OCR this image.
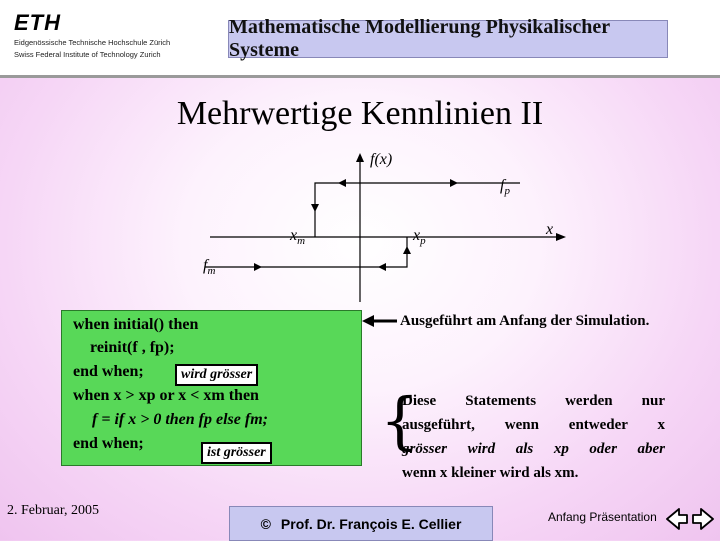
ETH
Eidgenössische Technische Hochschule Zürich
Swiss Federal Institute of Technology Zurich
Mathematische Modellierung Physikalischer Systeme
Mehrwertige Kennlinien II
f(x)
x
$f_p$
$f_m$
$x_m$	$x_p$
when initial() then
reinit(f , fp);
end when;
when x > xp or x < xm then
f = if x > 0 then fp else fm;
end when;
wird grösser
ist grösser
Ausgeführt am Anfang der Simulation.
{
Diese Statements werden nur
ausgeführt, wenn entweder x
grösser wird als xp oder aber
wenn x kleiner wird als xm.
2. Februar, 2005
© Prof. Dr. François E. Cellier	Anfang Präsentation
